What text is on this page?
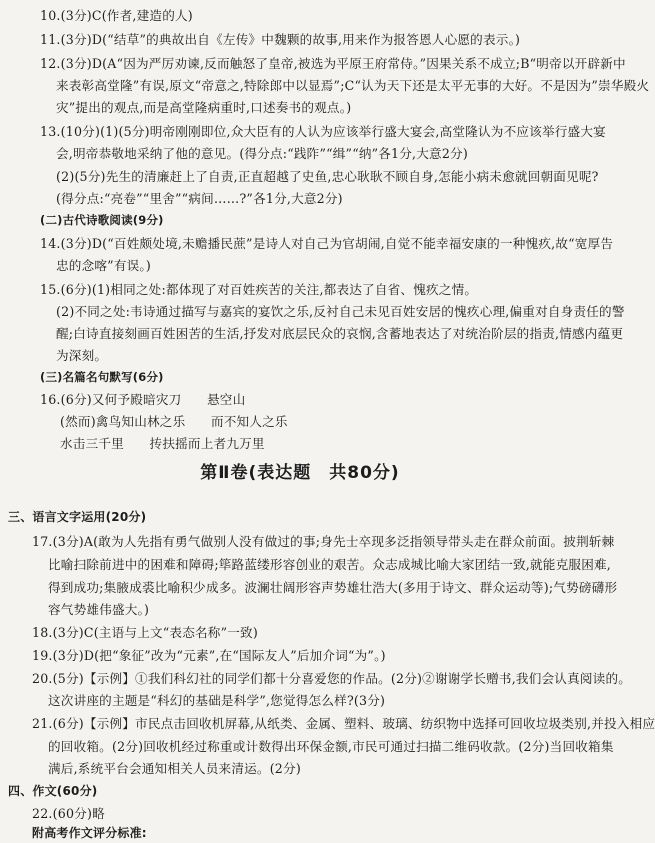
10.(3分)C(作者,建造的人)
11.(3分)D(“结草”的典故出自《左传》中魏颗的故事,用来作为报答恩人心愿的表示。)
12.(3分)D(A“因为严厉劝谏,反而触怒了皇帝,被选为平原王府常侍。”因果关系不成立;B“明帝以开辟新中
来表彰高堂隆”有误,原文“帝意之,特除郎中以显焉”;C“认为天下还是太平无事的大好。不是因为”崇华殿火
灾”提出的观点,而是高堂隆病重时,口述奏书的观点。)
13.(10分)(1)(5分)明帝刚刚即位,众大臣有的人认为应该举行盛大宴会,高堂隆认为不应该举行盛大宴
会,明帝恭敬地采纳了他的意见。(得分点:“践阼”“缉”“纳”各1分,大意2分)
(2)(5分)先生的清廉赶上了自责,正直超越了史鱼,忠心耿耿不顾自身,怎能小病未愈就回朝面见呢?
(得分点:“亮卷”“里舍”“病间……?”各1分,大意2分)
(二)古代诗歌阅读(9分)
14.(3分)D(“百姓颇处境,未赡播民蔗”是诗人对自己为官胡闹,自觉不能幸福安康的一种愧疚,故“宽厚告
忠的念喀”有误。)
15.(6分)(1)相同之处:都体现了对百姓疾苦的关注,都表达了自省、愧疚之情。
(2)不同之处:韦诗通过描写与嘉宾的宴饮之乐,反衬自己未见百姓安居的愧疚心理,偏重对自身责任的警
醒;白诗直接刻画百姓困苦的生活,抒发对底层民众的哀悯,含蓄地表达了对统治阶层的指责,情感内蕴更
为深刻。
(三)名篇名句默写(6分)
16.(6分)又何予殿暗灾刀　　悬空山
(然而)禽鸟知山林之乐　　而不知人之乐
水击三千里　　抟扶摇而上者九万里
第Ⅱ卷(表达题　共80分)
三、语言文字运用(20分)
17.(3分)A(敢为人先指有勇气做别人没有做过的事;身先士卒现多泛指领导带头走在群众前面。披荆斩棘
比喻扫除前进中的困难和障碍;筚路蓝缕形容创业的艰苦。众志成城比喻大家团结一致,就能克服困难,
得到成功;集腋成裘比喻积少成多。波澜壮阔形容声势雄壮浩大(多用于诗文、群众运动等);气势磅礴形
容气势雄伟盛大。)
18.(3分)C(主语与上文“表态名称”一致)
19.(3分)D(把“象征”改为“元素”,在“国际友人”后加介词“为”。)
20.(5分)【示例】①我们科幻社的同学们都十分喜爱您的作品。(2分)②谢谢学长赠书,我们会认真阅读的。
这次讲座的主题是“科幻的基础是科学”,您觉得怎么样?(3分)
21.(6分)【示例】市民点击回收机屏幕,从纸类、金属、塑料、玻璃、纺织物中选择可回收垃圾类别,并投入相应
的回收箱。(2分)回收机经过称重或计数得出环保金额,市民可通过扫描二维码收款。(2分)当回收箱集
满后,系统平台会通知相关人员来清运。(2分)
四、作文(60分)
22.(60分)略
附高考作文评分标准:
